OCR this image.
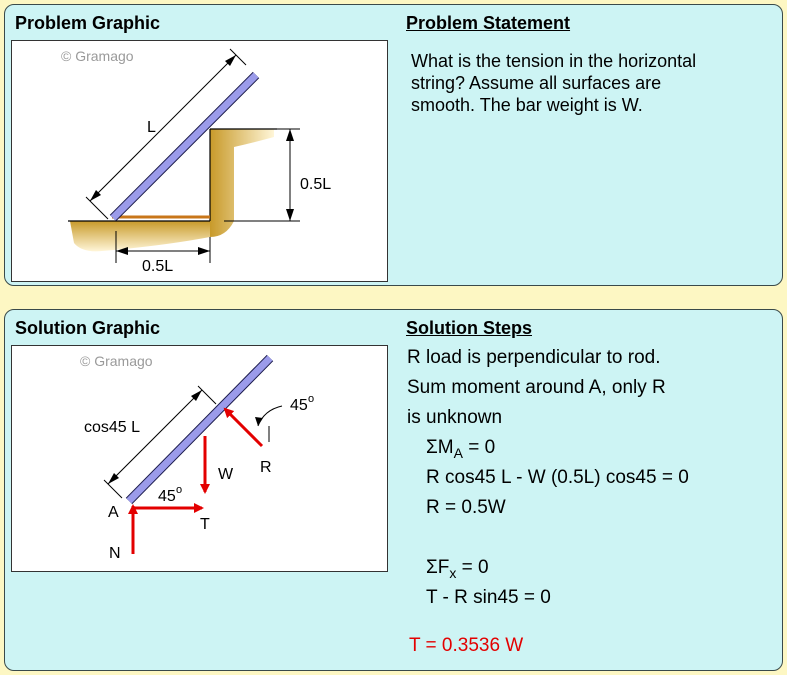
Problem Graphic	Problem Statement
L
0.5L
0.5L
© Gramago	What is the tension in the horizontal
string? Assume all surfaces are
smooth. The bar weight is W.
Solution Graphic	Solution Steps
cos45 L
W R
45 o
T
45 o
N
A
© Gramago	R load is perpendicular to rod.
Sum moment around A, only R
is unknown
$\Sigma M_A = 0$
R cos45 L - W (0.5L) cos45 = 0
R = 0.5W
$\Sigma F_x = 0$
T - R sin45 = 0
T = 0.3536 W
